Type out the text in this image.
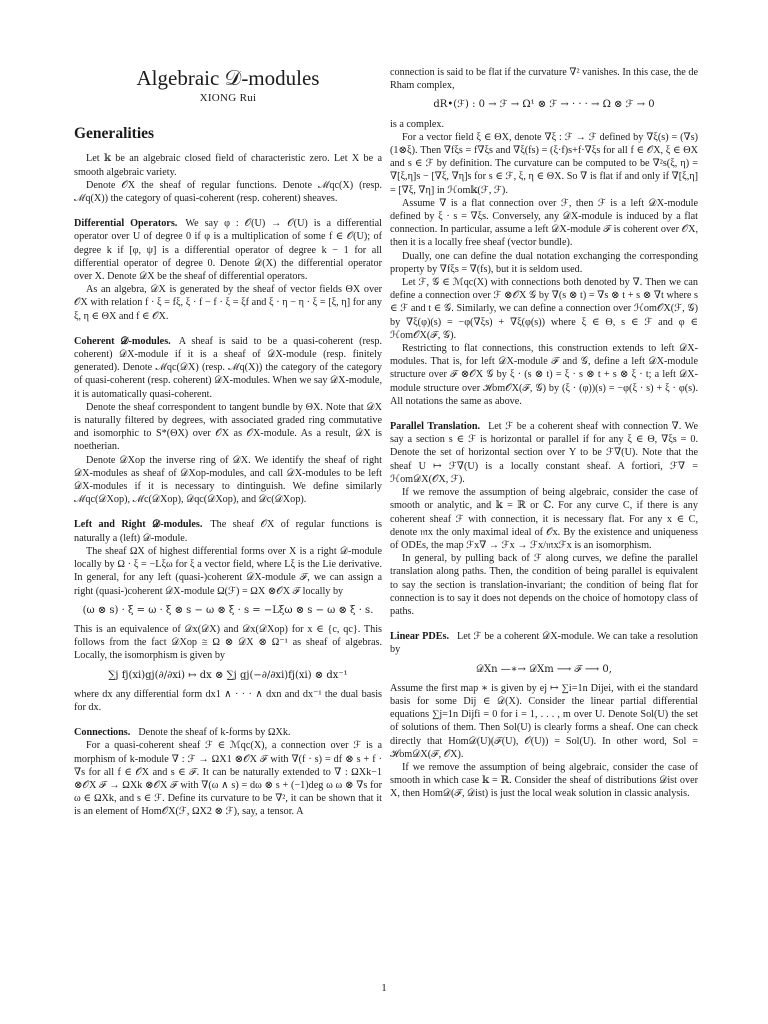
Algebraic 𝒟-modules
XIONG Rui
Generalities

Let 𝕜 be an algebraic closed field of characteristic zero. Let X be a smooth algebraic variety.

Denote 𝒪X the sheaf of regular functions. Denote ℳqc(X) (resp. ℳq(X)) the category of quasi-coherent (resp. coherent) sheaves.

Differential Operators. We say φ : 𝒪(U) → 𝒪(U) is a differential operator over U of degree 0 if φ is a multiplication of some f ∈ 𝒪(U); of degree k if [φ, ψ] is a differential operator of degree k − 1 for all differential operator of degree 0. Denote 𝒟(X) the differential operator over X. Denote 𝒟X be the sheaf of differential operators.

As an algebra, 𝒟X is generated by the sheaf of vector fields ΘX over 𝒪X with relation f · ξ = fξ, ξ · f − f · ξ = ξf and ξ · η − η · ξ = [ξ, η] for any ξ, η ∈ ΘX and f ∈ 𝒪X.

Coherent 𝒟-modules. A sheaf is said to be a quasi-coherent (resp. coherent) 𝒟X-module if it is a sheaf of 𝒟X-module (resp. finitely generated). Denote ℳqc(𝒟X) (resp. ℳq(X)) the category of the category of quasi-coherent (resp. coherent) 𝒟X-modules. When we say 𝒟X-module, it is automatically quasi-coherent.

Denote the sheaf correspondent to tangent bundle by ΘX. Note that 𝒟X is naturally filtered by degrees, with associated graded ring commutative and isomorphic to S*(ΘX) over 𝒪X as 𝒪X-module. As a result, 𝒟X is noetherian.

Denote 𝒟Xop the inverse ring of 𝒟X. We identify the sheaf of right 𝒟X-modules as sheaf of 𝒟Xop-modules, and call 𝒟X-modules to be left 𝒟X-modules if it is necessary to dintinguish. We define similarly ℳqc(𝒟Xop), ℳc(𝒟Xop), 𝒟qc(𝒟Xop), and 𝒟c(𝒟Xop).

Left and Right 𝒟-modules. The sheaf 𝒪X of regular functions is naturally a (left) 𝒟-module.

The sheaf ΩX of highest differential forms over X is a right 𝒟-module locally by Ω · ξ = −Lξω for ξ a vector field, where Lξ is the Lie derivative. In general, for any left (quasi-)coherent 𝒟X-module ℱ, we can assign a right (quasi-)coherent 𝒟X-module Ω(ℱ) = ΩX ⊗𝒪X ℱ locally by

(ω ⊗ s) · ξ = ω · ξ ⊗ s − ω ⊗ ξ · s = −Lξω ⊗ s − ω ⊗ ξ · s.

This is an equivalence of 𝒟x(𝒟X) and 𝒟x(𝒟Xop) for x ∈ {c, qc}. This follows from the fact 𝒟Xop ≅ Ω ⊗ 𝒟X ⊗ Ω⁻¹ as sheaf of algebras. Locally, the isomorphism is given by

∑j fj(xi)gj(∂/∂xi) ↦ dx ⊗ ∑j gj(−∂/∂xi)fj(xi) ⊗ dx⁻¹

where dx any differential form dx1 ∧ · · · ∧ dxn and dx⁻¹ the dual basis for dx.

Connections. Denote the sheaf of k-forms by ΩXk.

For a quasi-coherent sheaf ℱ ∈ ℳqc(X), a connection over ℱ is a morphism of k-module ∇ : ℱ → ΩX1 ⊗𝒪X ℱ with ∇(f · s) = df ⊗ s + f · ∇s for all f ∈ 𝒪X and s ∈ ℱ. It can be naturally extended to ∇ : ΩXk−1 ⊗𝒪X ℱ → ΩXk ⊗𝒪X ℱ with ∇(ω ∧ s) = dω ⊗ s + (−1)deg ω ω ⊗ ∇s for ω ∈ ΩXk, and s ∈ ℱ. Define its curvature to be ∇², it can be shown that it is an element of Hom𝒪X(ℱ, ΩX2 ⊗ ℱ), say, a tensor. A

connection is said to be flat if the curvature ∇² vanishes. In this case, the de Rham complex,

dR•(ℱ) : 0 → ℱ → Ω¹ ⊗ ℱ → · · · → Ω ⊗ ℱ → 0

is a complex.

For a vector field ξ ∈ ΘX, denote ∇ξ : ℱ → ℱ defined by ∇ξ(s) = (∇s)(1⊗ξ). Then ∇fξs = f∇ξs and ∇ξ(fs) = (ξ·f)s+f·∇ξs for all f ∈ 𝒪X, ξ ∈ ΘX and s ∈ ℱ by definition. The curvature can be computed to be ∇²s(ξ, η) = ∇[ξ,η]s − [∇ξ, ∇η]s for s ∈ ℱ, ξ, η ∈ ΘX. So ∇ is flat if and only if ∇[ξ,η] = [∇ξ, ∇η] in ℋom𝕜(ℱ, ℱ).

Assume ∇ is a flat connection over ℱ, then ℱ is a left 𝒟X-module defined by ξ · s = ∇ξs. Conversely, any 𝒟X-module is induced by a flat connection. In particular, assume a left 𝒟X-module ℱ is coherent over 𝒪X, then it is a locally free sheaf (vector bundle).

Dually, one can define the dual notation exchanging the corresponding property by ∇fξs = ∇(fs), but it is seldom used.

Let ℱ, 𝒢 ∈ ℳqc(X) with connections both denoted by ∇. Then we can define a connection over ℱ ⊗𝒪X 𝒢 by ∇(s ⊗ t) = ∇s ⊗ t + s ⊗ ∇t where s ∈ ℱ and t ∈ 𝒢. Similarly, we can define a connection over ℋom𝒪X(ℱ, 𝒢) by ∇ξ(φ)(s) = −φ(∇ξs) + ∇ξ(φ(s)) where ξ ∈ Θ, s ∈ ℱ and φ ∈ ℋom𝒪X(ℱ, 𝒢).

Restricting to flat connections, this construction extends to left 𝒟X-modules. That is, for left 𝒟X-module ℱ and 𝒢, define a left 𝒟X-module structure over ℱ ⊗𝒪X 𝒢 by ξ · (s ⊗ t) = ξ · s ⊗ t + s ⊗ ξ · t; a left 𝒟X-module structure over ℋom𝒪X(ℱ, 𝒢) by (ξ · (φ))(s) = −φ(ξ · s) + ξ · φ(s). All notations the same as above.

Parallel Translation. Let ℱ be a coherent sheaf with connection ∇. We say a section s ∈ ℱ is horizontal or parallel if for any ξ ∈ Θ, ∇ξs = 0. Denote the set of horizontal section over Y to be ℱ∇(U). Note that the sheaf U ↦ ℱ∇(U) is a locally constant sheaf. A fortiori, ℱ∇ = ℋom𝒟X(𝒪X, ℱ).

If we remove the assumption of being algebraic, consider the case of smooth or analytic, and 𝕜 = ℝ or ℂ. For any curve C, if there is any coherent sheaf ℱ with connection, it is necessary flat. For any x ∈ C, denote 𝔪x the only maximal ideal of 𝒪x. By the existence and uniqueness of ODEs, the map ℱx∇ → ℱx → ℱx/𝔪xℱx is an isomorphism.

In general, by pulling back of ℱ along curves, we define the parallel translation along paths. Then, the condition of being parallel is equivalent to say the section is translation-invariant; the condition of being flat for connection is to say it does not depends on the choice of homotopy class of paths.

Linear PDEs. Let ℱ be a coherent 𝒟X-module. We can take a resolution by

𝒟Xn —∗→ 𝒟Xm ⟶ ℱ ⟶ 0,

Assume the first map ∗ is given by ej ↦ ∑i=1n Dijei, with ei the standard basis for some Dij ∈ 𝒟(X). Consider the linear partial differential equations ∑j=1n Dijfi = 0 for i = 1, . . . , m over U. Denote Sol(U) the set of solutions of them. Then Sol(U) is clearly forms a sheaf. One can check directly that Hom𝒟(U)(ℱ(U), 𝒪(U)) = Sol(U). In other word, Sol = ℋom𝒟X(ℱ, 𝒪X).

If we remove the assumption of being algebraic, consider the case of smooth in which case 𝕜 = ℝ. Consider the sheaf of distributions 𝒟ist over X, then Hom𝒟(ℱ, 𝒟ist) is just the local weak solution in classic analysis.

1
